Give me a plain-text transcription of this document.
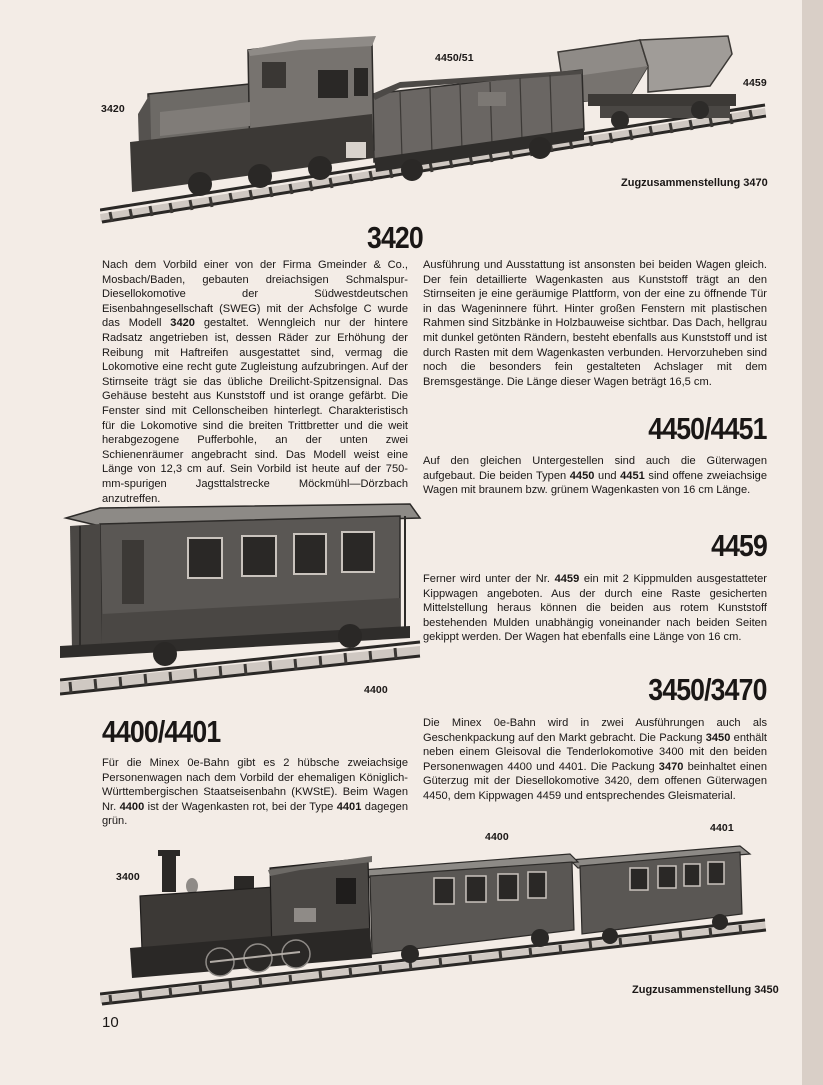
3420
4450/51
4459
Zugzusammenstellung 3470
3420
Nach dem Vorbild einer von der Firma Gmeinder & Co., Mosbach/Baden, gebauten dreiachsigen Schmalspur-Diesellokomotive der Südwestdeutschen Eisenbahngesellschaft (SWEG) mit der Achsfolge C wurde das Modell 3420 gestaltet. Wenngleich nur der hintere Radsatz angetrieben ist, dessen Räder zur Erhöhung der Reibung mit Haftreifen ausgestattet sind, vermag die Lokomotive eine recht gute Zugleistung aufzubringen. Auf der Stirnseite trägt sie das übliche Dreilicht-Spitzensignal. Das Gehäuse besteht aus Kunststoff und ist orange gefärbt. Die Fenster sind mit Cellonscheiben hinterlegt. Charakteristisch für die Lokomotive sind die breiten Trittbretter und die weit herabgezogene Pufferbohle, an der unten zwei Schienenräumer angebracht sind. Das Modell weist eine Länge von 12,3 cm auf. Sein Vorbild ist heute auf der 750-mm-spurigen Jagsttalstrecke Möckmühl—Dörzbach anzutreffen.
Ausführung und Ausstattung ist ansonsten bei beiden Wagen gleich. Der fein detaillierte Wagenkasten aus Kunststoff trägt an den Stirnseiten je eine geräumige Plattform, von der eine zu öffnende Tür in das Wageninnere führt. Hinter großen Fenstern mit plastischen Rahmen sind Sitzbänke in Holzbauweise sichtbar. Das Dach, hellgrau mit dunkel getönten Rändern, besteht ebenfalls aus Kunststoff und ist durch Rasten mit dem Wagenkasten verbunden. Hervorzuheben sind noch die besonders fein gestalteten Achslager mit dem Bremsgestänge. Die Länge dieser Wagen beträgt 16,5 cm.
4450/4451
Auf den gleichen Untergestellen sind auch die Güterwagen aufgebaut. Die beiden Typen 4450 und 4451 sind offene zweiachsige Wagen mit braunem bzw. grünem Wagenkasten von 16 cm Länge.
4459
Ferner wird unter der Nr. 4459 ein mit 2 Kippmulden ausgestatteter Kippwagen angeboten. Aus der durch eine Raste gesicherten Mittelstellung heraus können die beiden aus rotem Kunststoff bestehenden Mulden unabhängig voneinander nach beiden Seiten gekippt werden. Der Wagen hat ebenfalls eine Länge von 16 cm.
3450/3470
Die Minex 0e-Bahn wird in zwei Ausführungen auch als Geschenkpackung auf den Markt gebracht. Die Packung 3450 enthält neben einem Gleisoval die Tenderlokomotive 3400 mit den beiden Personenwagen 4400 und 4401. Die Packung 3470 beinhaltet einen Güterzug mit der Diesellokomotive 3420, dem offenen Güterwagen 4450, dem Kippwagen 4459 und entsprechendes Gleismaterial.
4400
4400/4401
Für die Minex 0e-Bahn gibt es 2 hübsche zweiachsige Personenwagen nach dem Vorbild der ehemaligen Königlich-Württembergischen Staatseisenbahn (KWStE). Beim Wagen Nr. 4400 ist der Wagenkasten rot, bei der Type 4401 dagegen grün.
3400
4400
4401
Zugzusammenstellung 3450
10
